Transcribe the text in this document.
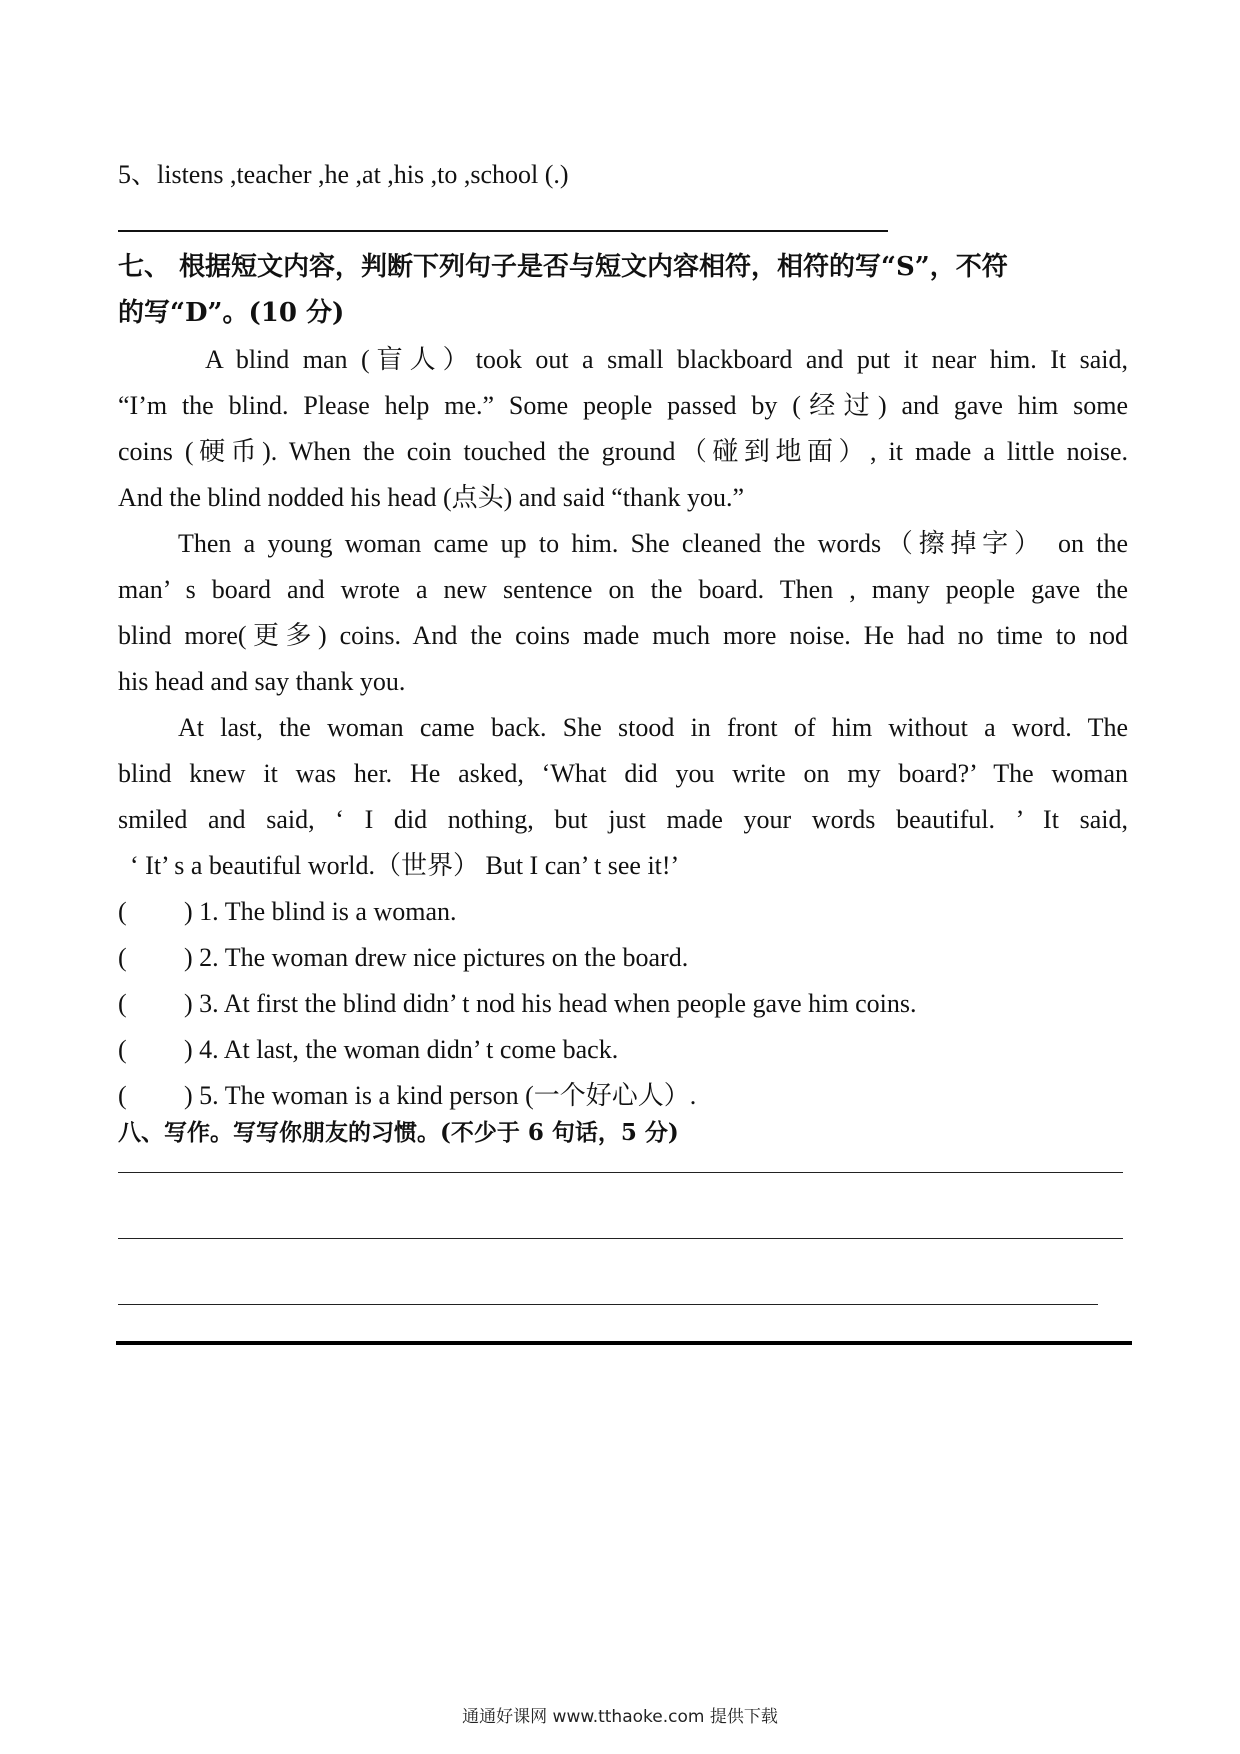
5、listens ,teacher ,he ,at ,his ,to ,school (.)
七、 根据短文内容，判断下列句子是否与短文内容相符，相符的写“S”，不符
的写“D”。(10 分)
A blind man (盲人）took out a small blackboard and put it near him. It said,
“I’m the blind. Please help me.” Some people passed by (经过) and gave him some
coins (硬币). When the coin touched the ground（碰到地面）, it made a little noise.
And the blind nodded his head (点头) and said “thank you.”
Then a young woman came up to him. She cleaned the words（擦掉字） on the
man’ s board and wrote a new sentence on the board. Then , many people gave the
blind more(更多) coins. And the coins made much more noise. He had no time to nod
his head and say thank you.
At last, the woman came back. She stood in front of him without a word. The
blind knew it was her. He asked, ‘What did you write on my board?’ The woman
smiled and said, ‘ I did nothing, but just made your words beautiful. ’ It said,
‘ It’ s a beautiful world.（世界） But I can’ t see it!’
( ) 1. The blind is a woman.
( ) 2. The woman drew nice pictures on the board.
( ) 3. At first the blind didn’ t nod his head when people gave him coins.
( ) 4. At last, the woman didn’ t come back.
( ) 5. The woman is a kind person (一个好心人）.
八、写作。写写你朋友的习惯。(不少于 6 句话，5 分)
通通好课网 www.tthaoke.com 提供下载
